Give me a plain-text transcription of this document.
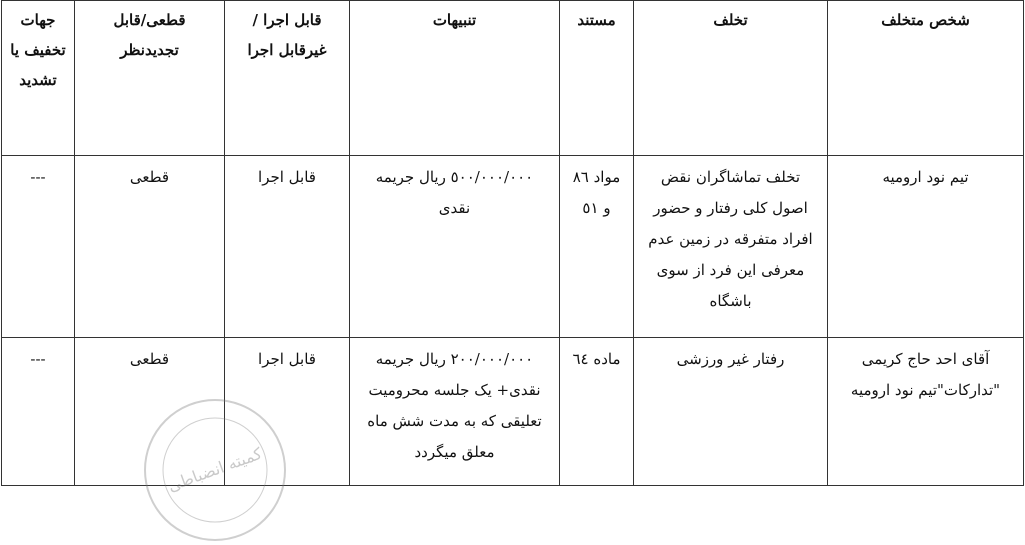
شخص متخلف	تخلف	مستند	تنبیهات	قابل اجرا /غیرقابل اجرا	قطعی/قابل تجدیدنظر	جهات تخفیف یا تشدید
تیم نود ارومیه	تخلف تماشاگران نقض اصول کلی رفتار و حضور افراد متفرقه در زمین عدم معرفی این فرد از سوی باشگاه	مواد ۸٦ و ٥١	٥٠٠/٠٠٠/٠٠٠ ریال جریمه نقدی	قابل اجرا	قطعی	---
آقای احد حاج کریمی "تدارکات"تیم نود ارومیه	رفتار غیر ورزشی	ماده ٦٤	٢٠٠/٠٠٠/٠٠٠ ریال جریمه نقدی+ یک جلسه محرومیت تعلیقی که به مدت شش ماه معلق میگردد	قابل اجرا	قطعی	---
کمیته انضباطی
